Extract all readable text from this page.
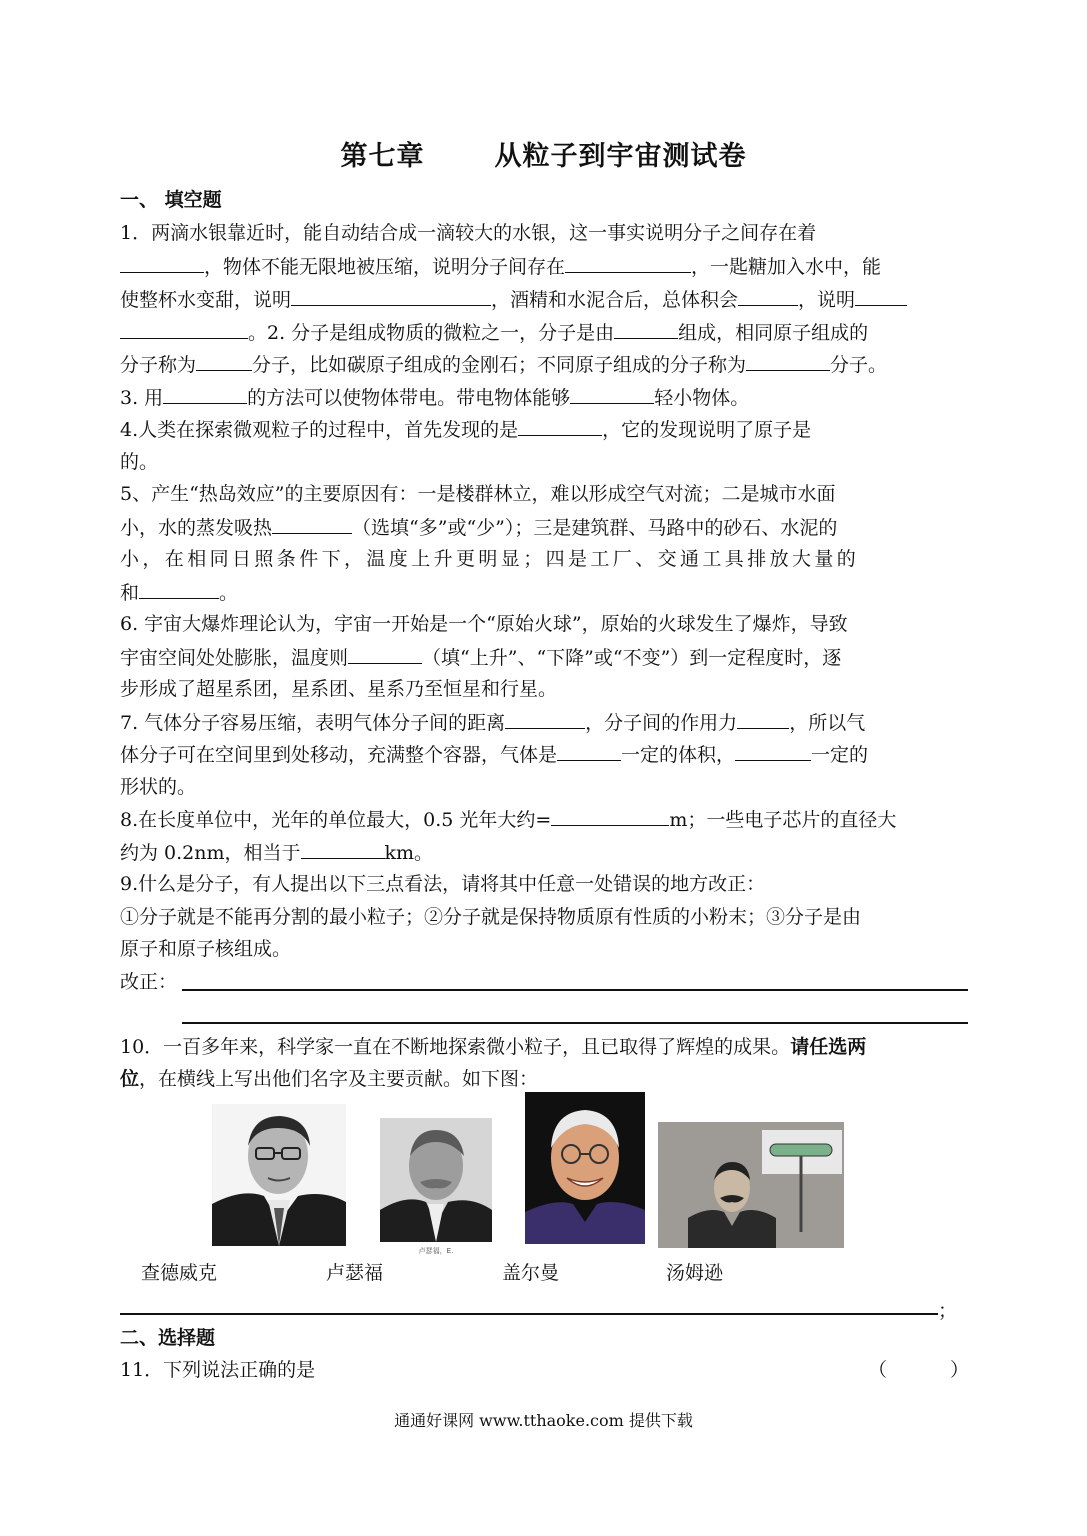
第七章	从粒子到宇宙测试卷
一、 填空题
1．两滴水银靠近时，能自动结合成一滴较大的水银，这一事实说明分子之间存在着
，物体不能无限地被压缩，说明分子间存在	，一匙糖加入水中，能
使整杯水变甜，说明	，酒精和水泥合后，总体积会	，说明
。2. 分子是组成物质的微粒之一，分子是由	组成，相同原子组成的
分子称为	分子，比如碳原子组成的金刚石；不同原子组成的分子称为	分子。
3. 用	的方法可以使物体带电。带电物体能够	轻小物体。
4.人类在探索微观粒子的过程中，首先发现的是	，它的发现说明了原子是
的。
5、产生“热岛效应”的主要原因有：一是楼群林立，难以形成空气对流；二是城市水面
小，水的蒸发吸热	（选填“多”或“少”）；三是建筑群、马路中的砂石、水泥的
小，在相同日照条件下，温度上升更明显；四是工厂、交通工具排放大量的
和	。
6. 宇宙大爆炸理论认为，宇宙一开始是一个“原始火球”，原始的火球发生了爆炸，导致
宇宙空间处处膨胀，温度则	（填“上升”、“下降”或“不变”）到一定程度时，逐
步形成了超星系团，星系团、星系乃至恒星和行星。
7. 气体分子容易压缩，表明气体分子间的距离	，分子间的作用力	，所以气
体分子可在空间里到处移动，充满整个容器，气体是	一定的体积，	一定的
形状的。
8.在长度单位中，光年的单位最大，0.5 光年大约=	m；一些电子芯片的直径大
约为 0.2nm，相当于	km。
9.什么是分子，有人提出以下三点看法，请将其中任意一处错误的地方改正：
①分子就是不能再分割的最小粒子；②分子就是保持物质原有性质的小粉末；③分子是由
原子和原子核组成。
改正：
10．一百多年来，科学家一直在不断地探索微小粒子，且已取得了辉煌的成果。请任选两
位，在横线上写出他们名字及主要贡献。如下图：
卢瑟福，E.
查德威克	卢瑟福	盖尔曼	汤姆逊
；
二、选择题
11．下列说法正确的是	（	）
通通好课网 www.tthaoke.com 提供下载
